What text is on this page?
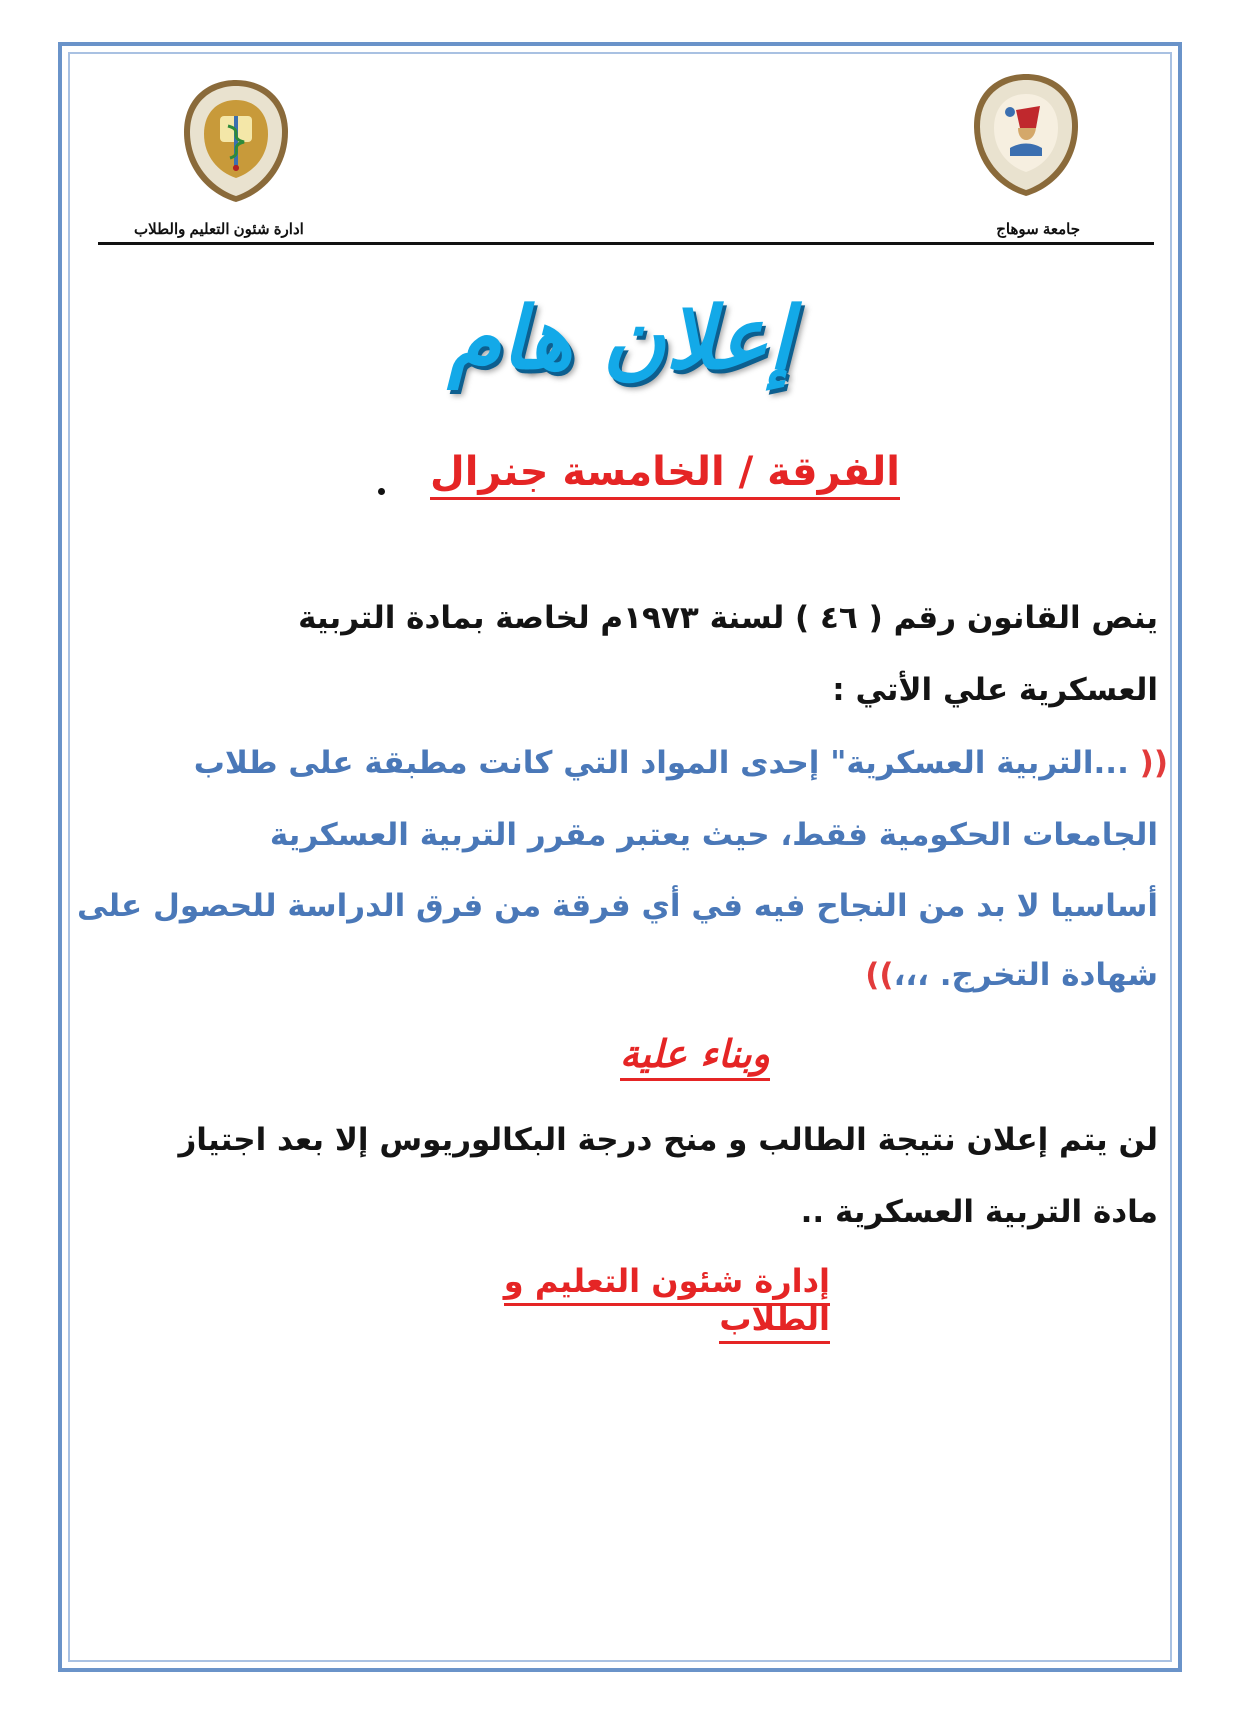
●
ادارة شئون التعليم والطلاب	جامعة سوهاج
إعلان هام
الفرقة / الخامسة جنرال
ينص القانون رقم ( ٤٦ ) لسنة ١٩٧٣م لخاصة بمادة التربية
العسكرية علي الأتي :
(( ...التربية العسكرية" إحدى المواد التي كانت مطبقة على طلاب
الجامعات الحكومية فقط، حيث يعتبر مقرر التربية العسكرية
أساسيا لا بد من النجاح فيه في أي فرقة من فرق الدراسة للحصول على
شهادة التخرج. ،،،))
وبناء علية
لن يتم إعلان نتيجة الطالب و منح درجة البكالوريوس إلا بعد اجتياز
مادة التربية العسكرية ..
إدارة شئون التعليم و الطلاب
